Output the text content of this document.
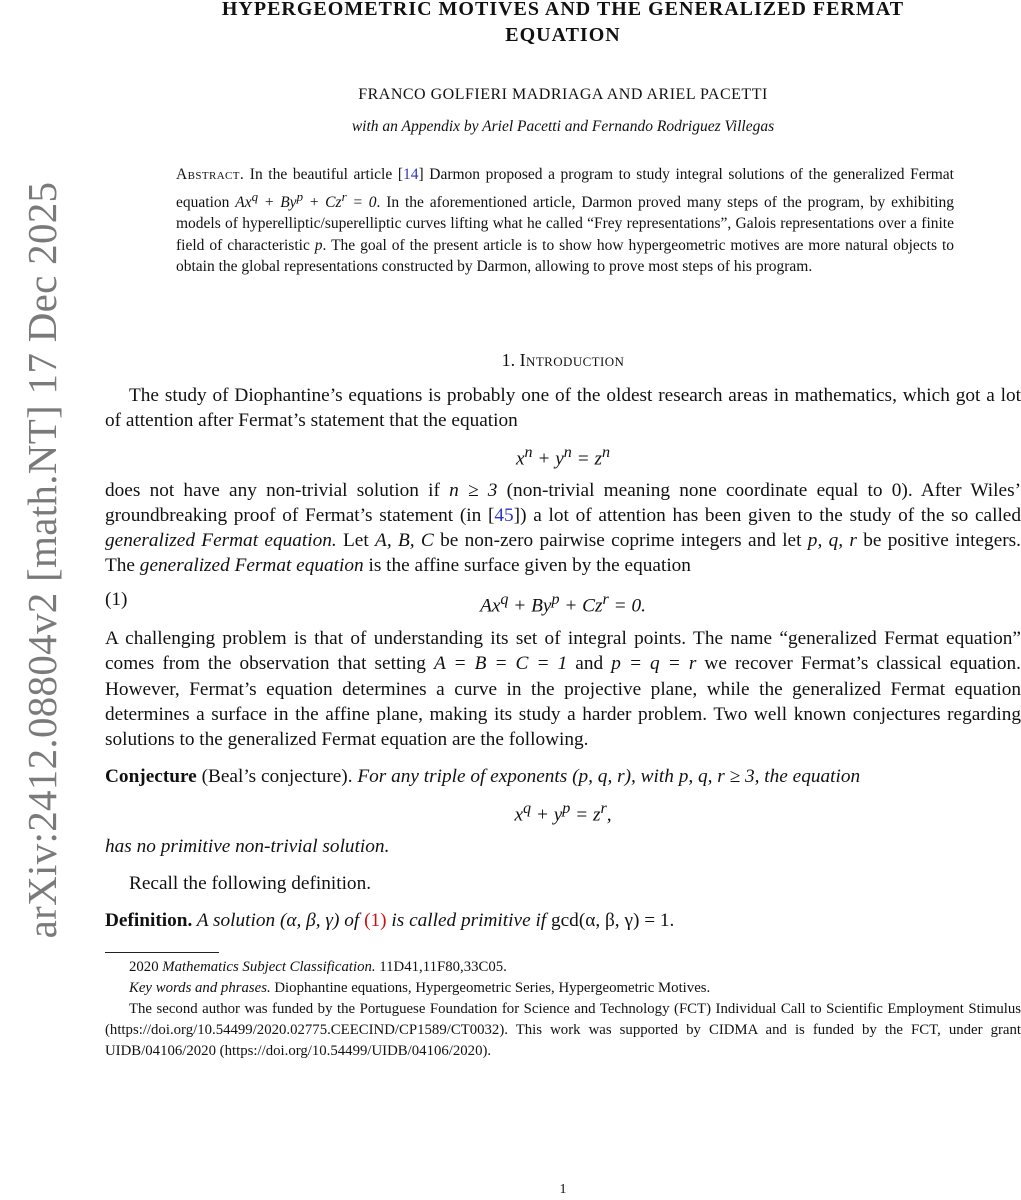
arXiv:2412.08804v2 [math.NT] 17 Dec 2025
HYPERGEOMETRIC MOTIVES AND THE GENERALIZED FERMAT
EQUATION
FRANCO GOLFIERI MADRIAGA AND ARIEL PACETTI
with an Appendix by Ariel Pacetti and Fernando Rodriguez Villegas
Abstract. In the beautiful article [14] Darmon proposed a program to study integral solutions of the generalized Fermat equation $Ax^q + By^p + Cz^r = 0$. In the aforementioned article, Darmon proved many steps of the program, by exhibiting models of hyperelliptic/superelliptic curves lifting what he called “Frey representations”, Galois representations over a finite field of characteristic p. The goal of the present article is to show how hypergeometric motives are more natural objects to obtain the global representations constructed by Darmon, allowing to prove most steps of his program.
1. Introduction

The study of Diophantine’s equations is probably one of the oldest research areas in mathematics, which got a lot of attention after Fermat’s statement that the equation

$x^n + y^n = z^n$

does not have any non-trivial solution if n ≥ 3 (non-trivial meaning none coordinate equal to 0). After Wiles’ groundbreaking proof of Fermat’s statement (in [45]) a lot of attention has been given to the study of the so called generalized Fermat equation. Let A, B, C be non-zero pairwise coprime integers and let p, q, r be positive integers. The generalized Fermat equation is the affine surface given by the equation

(1)	$Ax^q + By^p + Cz^r = 0$.

A challenging problem is that of understanding its set of integral points. The name “generalized Fermat equation” comes from the observation that setting A = B = C = 1 and p = q = r we recover Fermat’s classical equation. However, Fermat’s equation determines a curve in the projective plane, while the generalized Fermat equation determines a surface in the affine plane, making its study a harder problem. Two well known conjectures regarding solutions to the generalized Fermat equation are the following.

Conjecture (Beal’s conjecture). For any triple of exponents (p, q, r), with p, q, r ≥ 3, the equation

$x^q + y^p = z^r$,

has no primitive non-trivial solution.

Recall the following definition.

Definition. A solution (α, β, γ) of (1) is called primitive if gcd(α, β, γ) = 1.

2020 Mathematics Subject Classification. 11D41,11F80,33C05.

Key words and phrases. Diophantine equations, Hypergeometric Series, Hypergeometric Motives.

The second author was funded by the Portuguese Foundation for Science and Technology (FCT) Individual Call to Scientific Employment Stimulus (https://doi.org/10.54499/2020.02775.CEECIND/CP1589/CT0032). This work was supported by CIDMA and is funded by the FCT, under grant UIDB/04106/2020 (https://doi.org/10.54499/UIDB/04106/2020).

1
